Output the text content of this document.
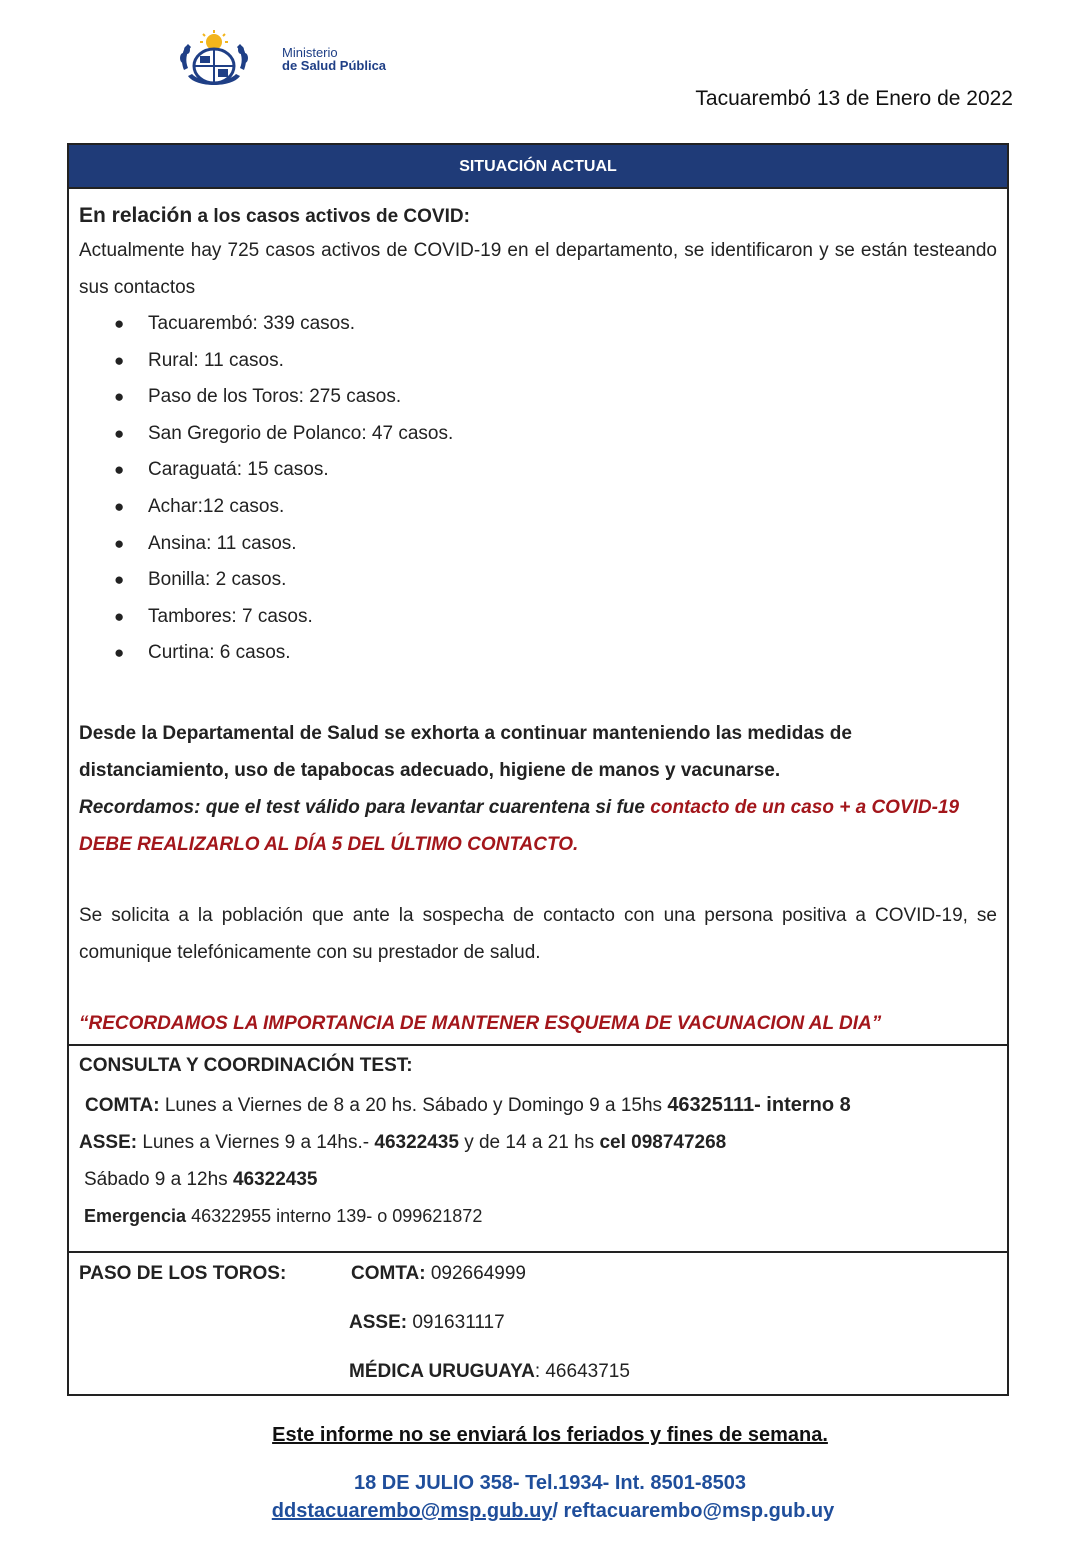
Ministerio
de Salud Pública
Tacuarembó 13 de Enero de 2022
SITUACIÓN ACTUAL
En relación a los casos activos de COVID:

Actualmente hay 725 casos activos de COVID-19 en el departamento, se identificaron y se están testeando sus contactos

● Tacuarembó: 339 casos.
● Rural: 11 casos.
● Paso de los Toros: 275 casos.
● San Gregorio de Polanco: 47 casos.
● Caraguatá: 15 casos.
● Achar:12 casos.
● Ansina: 11 casos.
● Bonilla: 2 casos.
● Tambores: 7 casos.
● Curtina: 6 casos.
Desde la Departamental de Salud se exhorta a continuar manteniendo las medidas de distanciamiento, uso de tapabocas adecuado, higiene de manos y vacunarse.
Recordamos: que el test válido para levantar cuarentena si fue contacto de un caso + a COVID-19 DEBE REALIZARLO AL DÍA 5 DEL ÚLTIMO CONTACTO.

Se solicita a la población que ante la sospecha de contacto con una persona positiva a COVID-19, se comunique telefónicamente con su prestador de salud.

“RECORDAMOS LA IMPORTANCIA DE MANTENER ESQUEMA DE VACUNACION AL DIA”

CONSULTA Y COORDINACIÓN TEST:
COMTA: Lunes a Viernes de 8 a 20 hs. Sábado y Domingo 9 a 15hs 46325111- interno 8
ASSE: Lunes a Viernes 9 a 14hs.- 46322435 y de 14 a 21 hs cel 098747268
Sábado 9 a 12hs 46322435
Emergencia 46322955 interno 139- o 099621872
PASO DE LOS TOROS:	COMTA: 092664999
ASSE: 091631117
MÉDICA URUGUAYA: 46643715
Este informe no se enviará los feriados y fines de semana.
18 DE JULIO 358- Tel.1934- Int. 8501-8503
ddstacuarembo@msp.gub.uy/ reftacuarembo@msp.gub.uy
